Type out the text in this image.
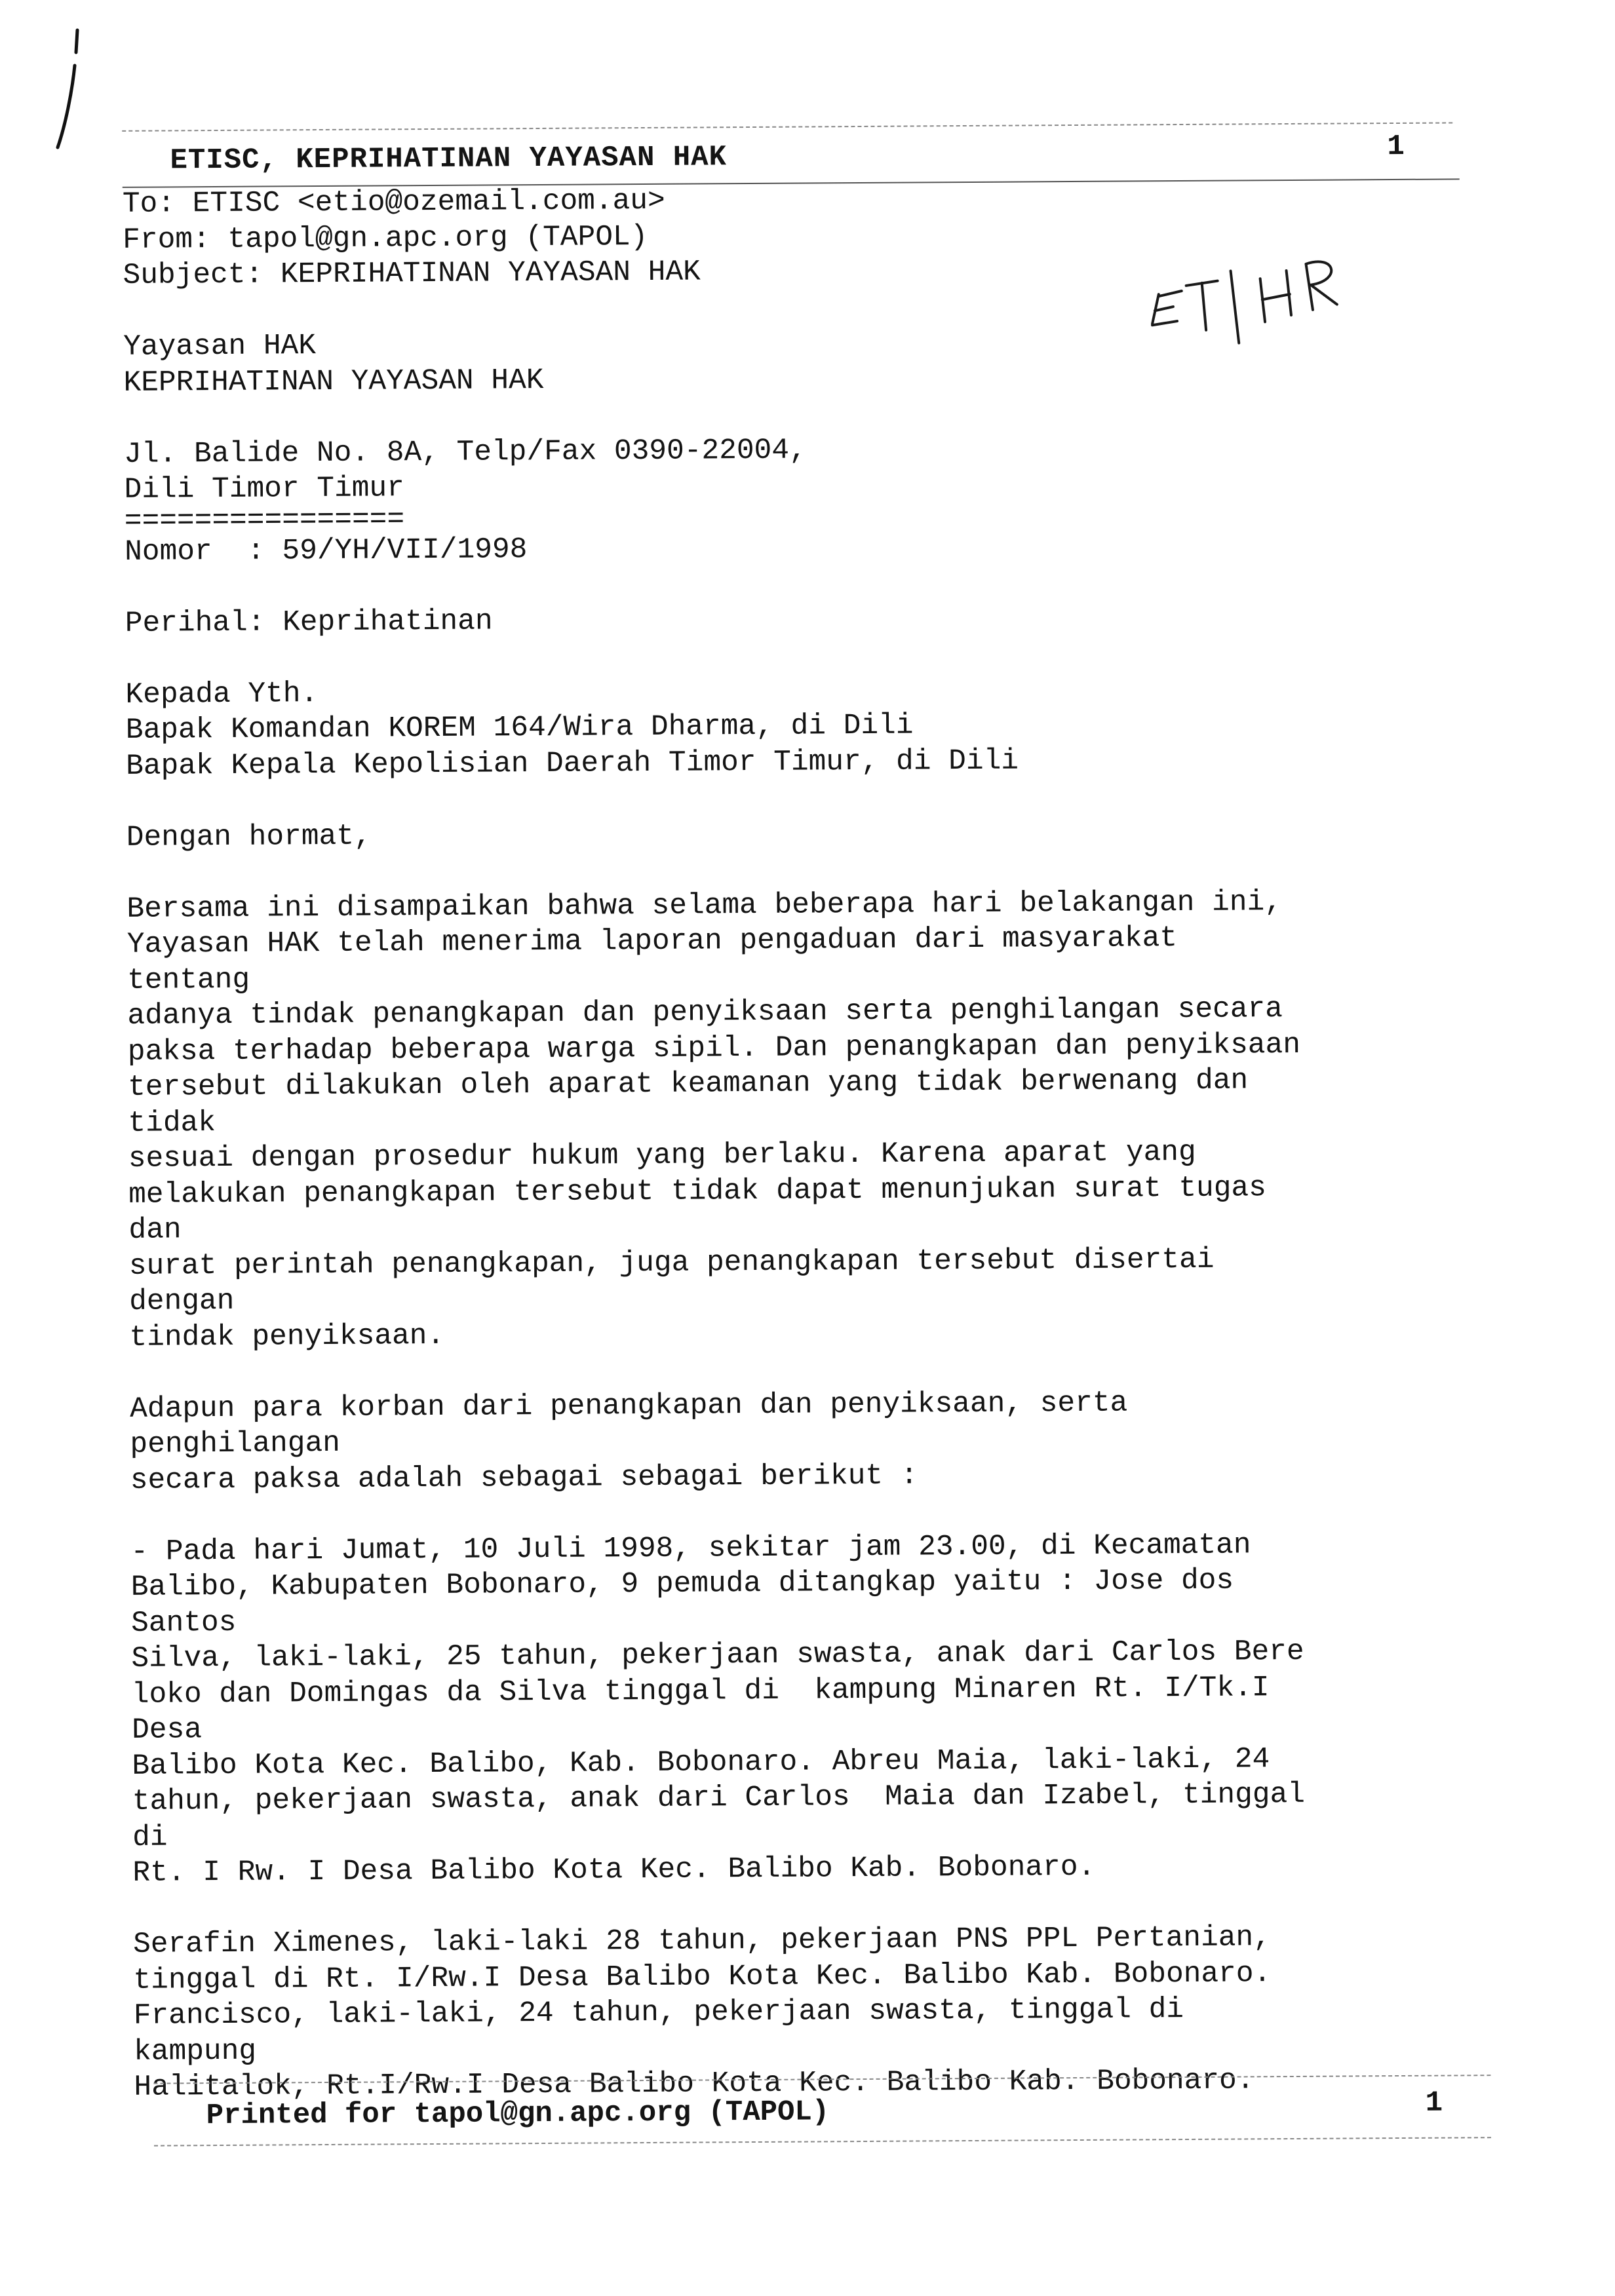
ETISC, KEPRIHATINAN YAYASAN HAK	1
To: ETISC <etio@ozemail.com.au>
From: tapol@gn.apc.org (TAPOL)
Subject: KEPRIHATINAN YAYASAN HAK
Yayasan HAK
KEPRIHATINAN YAYASAN HAK
Jl. Balide No. 8A, Telp/Fax 0390-22004,
Dili Timor Timur
================
Nomor  : 59/YH/VII/1998
Perihal: Keprihatinan
Kepada Yth.
Bapak Komandan KOREM 164/Wira Dharma, di Dili
Bapak Kepala Kepolisian Daerah Timor Timur, di Dili
Dengan hormat,
Bersama ini disampaikan bahwa selama beberapa hari belakangan ini,
Yayasan HAK telah menerima laporan pengaduan dari masyarakat
tentang
adanya tindak penangkapan dan penyiksaan serta penghilangan secara
paksa terhadap beberapa warga sipil. Dan penangkapan dan penyiksaan
tersebut dilakukan oleh aparat keamanan yang tidak berwenang dan
tidak
sesuai dengan prosedur hukum yang berlaku. Karena aparat yang
melakukan penangkapan tersebut tidak dapat menunjukan surat tugas
dan
surat perintah penangkapan, juga penangkapan tersebut disertai
dengan
tindak penyiksaan.
Adapun para korban dari penangkapan dan penyiksaan, serta
penghilangan
secara paksa adalah sebagai sebagai berikut :
- Pada hari Jumat, 10 Juli 1998, sekitar jam 23.00, di Kecamatan
Balibo, Kabupaten Bobonaro, 9 pemuda ditangkap yaitu : Jose dos
Santos
Silva, laki-laki, 25 tahun, pekerjaan swasta, anak dari Carlos Bere
loko dan Domingas da Silva tinggal di  kampung Minaren Rt. I/Tk.I
Desa
Balibo Kota Kec. Balibo, Kab. Bobonaro. Abreu Maia, laki-laki, 24
tahun, pekerjaan swasta, anak dari Carlos  Maia dan Izabel, tinggal
di
Rt. I Rw. I Desa Balibo Kota Kec. Balibo Kab. Bobonaro.
Serafin Ximenes, laki-laki 28 tahun, pekerjaan PNS PPL Pertanian,
tinggal di Rt. I/Rw.I Desa Balibo Kota Kec. Balibo Kab. Bobonaro.
Francisco, laki-laki, 24 tahun, pekerjaan swasta, tinggal di
kampung
Halitalok, Rt.I/Rw.I Desa Balibo Kota Kec. Balibo Kab. Bobonaro.
Printed for tapol@gn.apc.org (TAPOL)	1
